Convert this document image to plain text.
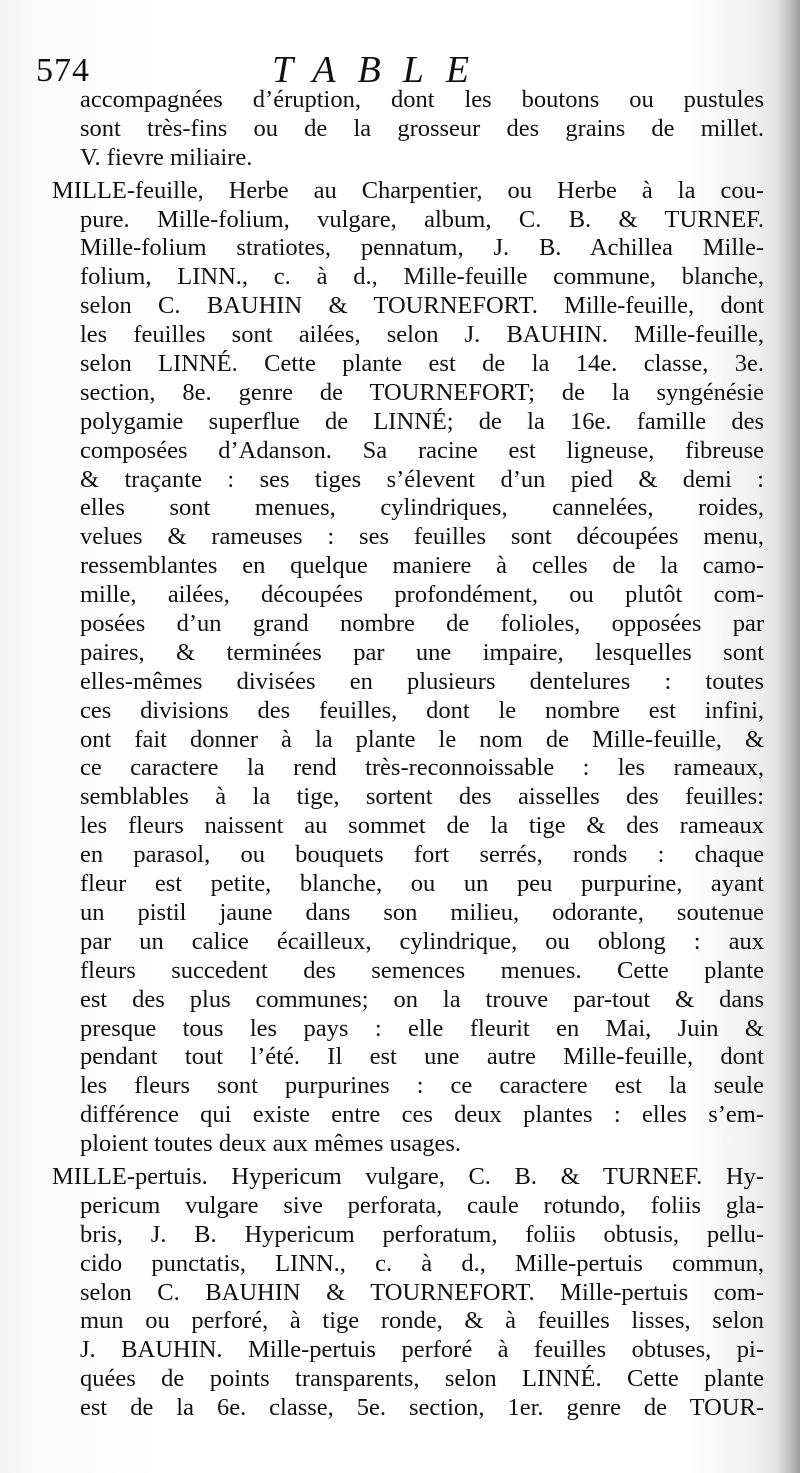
574	TABLE
accompagnées d’éruption, dont les boutons ou pustules
sont très-fins ou de la grosseur des grains de millet.
V. fievre miliaire.
MILLE-feuille, Herbe au Charpentier, ou Herbe à la cou-
pure. Mille-folium, vulgare, album, C. B. & TURNEF.
Mille-folium stratiotes, pennatum, J. B. Achillea Mille-
folium, LINN., c. à d., Mille-feuille commune, blanche,
selon C. BAUHIN & TOURNEFORT. Mille-feuille, dont
les feuilles sont ailées, selon J. BAUHIN. Mille-feuille,
selon LINNÉ. Cette plante est de la 14e. classe, 3e.
section, 8e. genre de TOURNEFORT; de la syngénésie
polygamie superflue de LINNÉ; de la 16e. famille des
composées d’Adanson. Sa racine est ligneuse, fibreuse
& traçante : ses tiges s’élevent d’un pied & demi :
elles sont menues, cylindriques, cannelées, roides,
velues & rameuses : ses feuilles sont découpées menu,
ressemblantes en quelque maniere à celles de la camo-
mille, ailées, découpées profondément, ou plutôt com-
posées d’un grand nombre de folioles, opposées par
paires, & terminées par une impaire, lesquelles sont
elles-mêmes divisées en plusieurs dentelures : toutes
ces divisions des feuilles, dont le nombre est infini,
ont fait donner à la plante le nom de Mille-feuille, &
ce caractere la rend très-reconnoissable : les rameaux,
semblables à la tige, sortent des aisselles des feuilles:
les fleurs naissent au sommet de la tige & des rameaux
en parasol, ou bouquets fort serrés, ronds : chaque
fleur est petite, blanche, ou un peu purpurine, ayant
un pistil jaune dans son milieu, odorante, soutenue
par un calice écailleux, cylindrique, ou oblong : aux
fleurs succedent des semences menues. Cette plante
est des plus communes; on la trouve par-tout & dans
presque tous les pays : elle fleurit en Mai, Juin &
pendant tout l’été. Il est une autre Mille-feuille, dont
les fleurs sont purpurines : ce caractere est la seule
différence qui existe entre ces deux plantes : elles s’em-
ploient toutes deux aux mêmes usages.
MILLE-pertuis. Hypericum vulgare, C. B. & TURNEF. Hy-
pericum vulgare sive perforata, caule rotundo, foliis gla-
bris, J. B. Hypericum perforatum, foliis obtusis, pellu-
cido punctatis, LINN., c. à d., Mille-pertuis commun,
selon C. BAUHIN & TOURNEFORT. Mille-pertuis com-
mun ou perforé, à tige ronde, & à feuilles lisses, selon
J. BAUHIN. Mille-pertuis perforé à feuilles obtuses, pi-
quées de points transparents, selon LINNÉ. Cette plante
est de la 6e. classe, 5e. section, 1er. genre de TOUR-
